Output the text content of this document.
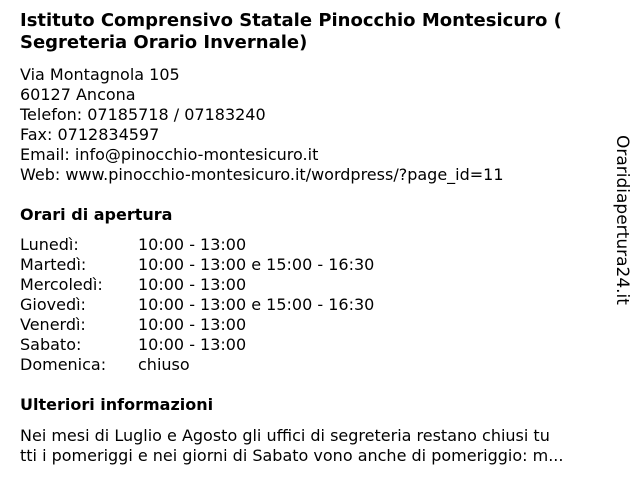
Istituto Comprensivo Statale Pinocchio Montesicuro (
Segreteria Orario Invernale)
Via Montagnola 105
60127 Ancona
Telefon: 07185718 / 07183240
Fax: 0712834597
Email: info@pinocchio-montesicuro.it
Web: www.pinocchio-montesicuro.it/wordpress/?page_id=11
Orari di apertura
Lunedì:	10:00 - 13:00
Martedì:	10:00 - 13:00 e 15:00 - 16:30
Mercoledì:	10:00 - 13:00
Giovedì:	10:00 - 13:00 e 15:00 - 16:30
Venerdì:	10:00 - 13:00
Sabato:	10:00 - 13:00
Domenica:	chiuso
Ulteriori informazioni

Nei mesi di Luglio e Agosto gli uffici di segreteria restano chiusi tu
tti i pomeriggi e nei giorni di Sabato vono anche di pomeriggio: m...

Oraridiapertura24.it
